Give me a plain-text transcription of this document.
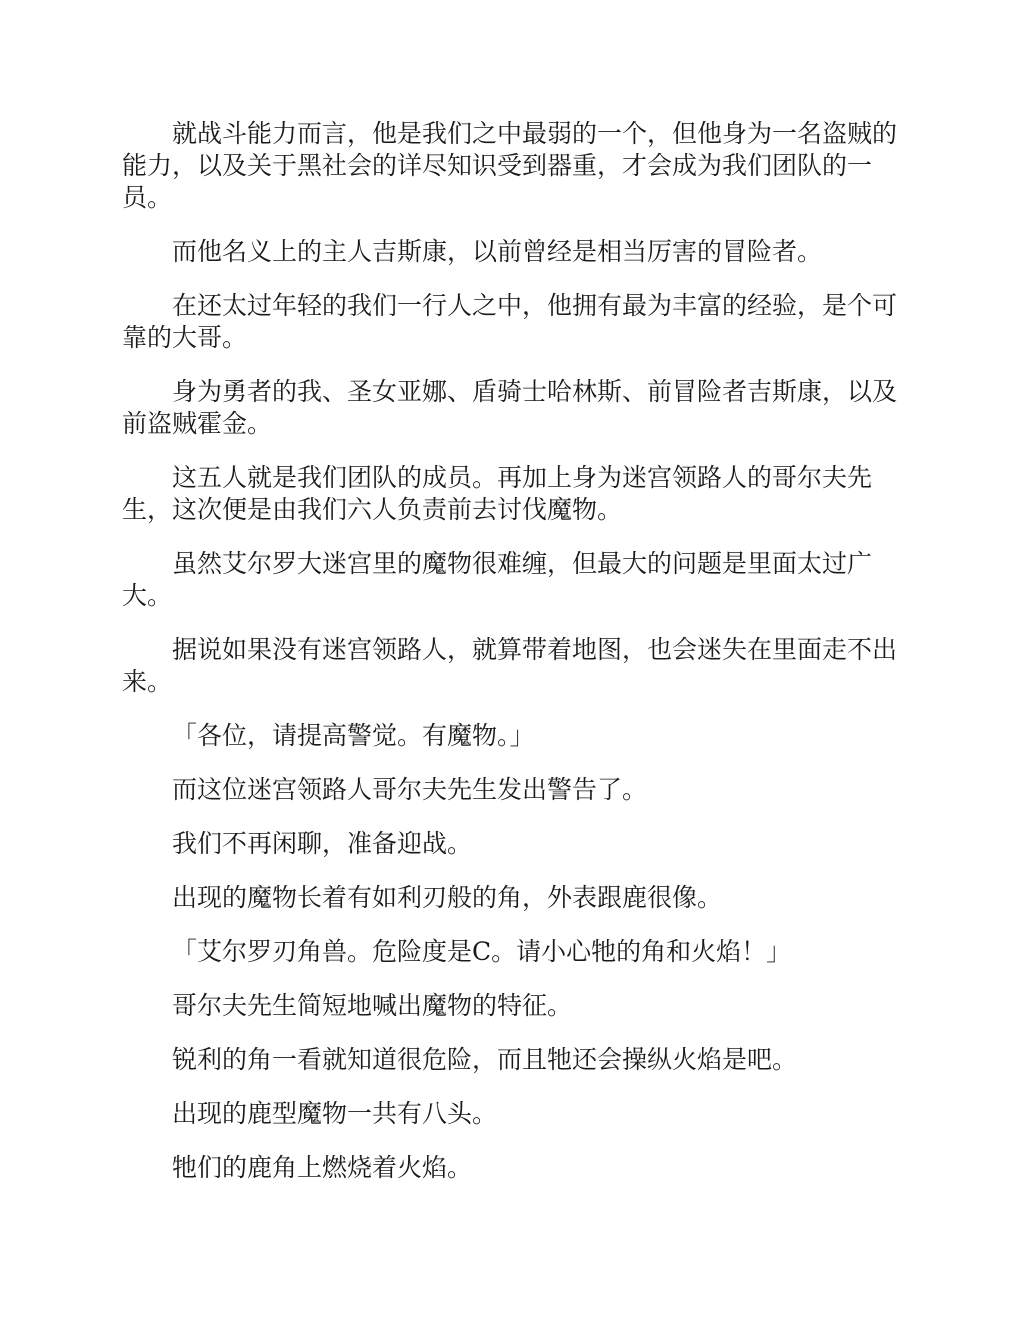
就战斗能力而言，他是我们之中最弱的一个，但他身为一名盗贼的能力，以及关于黑社会的详尽知识受到器重，才会成为我们团队的一员。

而他名义上的主人吉斯康，以前曾经是相当厉害的冒险者。

在还太过年轻的我们一行人之中，他拥有最为丰富的经验，是个可靠的大哥。

身为勇者的我、圣女亚娜、盾骑士哈林斯、前冒险者吉斯康，以及前盗贼霍金。

这五人就是我们团队的成员。再加上身为迷宫领路人的哥尔夫先生，这次便是由我们六人负责前去讨伐魔物。

虽然艾尔罗大迷宫里的魔物很难缠，但最大的问题是里面太过广大。

据说如果没有迷宫领路人，就算带着地图，也会迷失在里面走不出来。

「各位，请提高警觉。有魔物。」

而这位迷宫领路人哥尔夫先生发出警告了。

我们不再闲聊，准备迎战。

出现的魔物长着有如利刃般的角，外表跟鹿很像。

「艾尔罗刃角兽。危险度是C。请小心牠的角和火焰！」

哥尔夫先生简短地喊出魔物的特征。

锐利的角一看就知道很危险，而且牠还会操纵火焰是吧。

出现的鹿型魔物一共有八头。

牠们的鹿角上燃烧着火焰。
